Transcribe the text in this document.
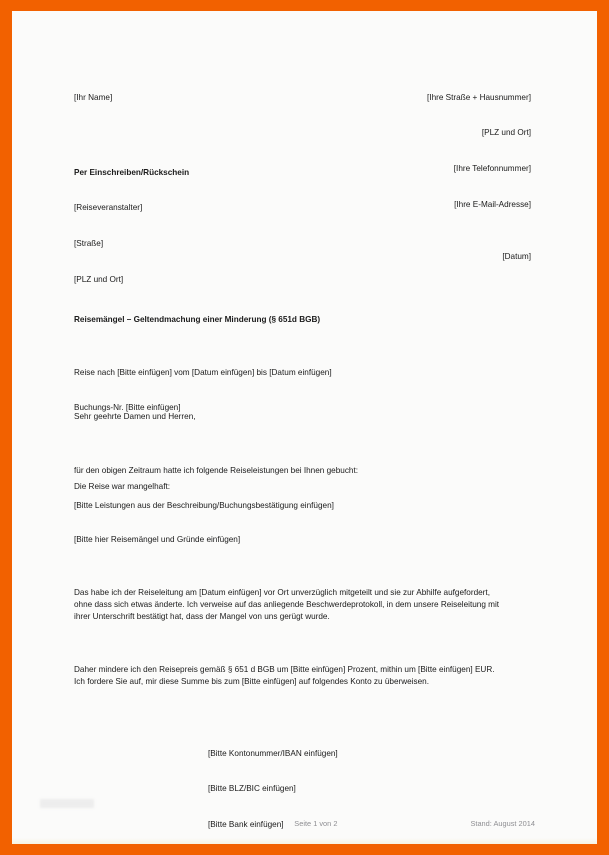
[Ihr Name]

	[Ihre Straße + Hausnummer]

[PLZ und Ort]

[Ihre Telefonnummer]

[Ihre E-Mail-Adresse]

Per Einschreiben/Rückschein

[Reiseveranstalter]

[Straße]

[PLZ und Ort]

[Datum]
Reisemängel – Geltendmachung einer Minderung (§ 651d BGB)

Reise nach [Bitte einfügen] vom [Datum einfügen] bis [Datum einfügen]

Buchungs-Nr. [Bitte einfügen]

Sehr geehrte Damen und Herren,

für den obigen Zeitraum hatte ich folgende Reiseleistungen bei Ihnen gebucht:

[Bitte Leistungen aus der Beschreibung/Buchungsbestätigung einfügen]

Die Reise war mangelhaft:
[Bitte hier Reisemängel und Gründe einfügen]
Das habe ich der Reiseleitung am [Datum einfügen] vor Ort unverzüglich mitgeteilt und sie zur Abhilfe aufgefordert, ohne dass sich etwas änderte. Ich verweise auf das anliegende Beschwerdeprotokoll, in dem unsere Reiseleitung mit ihrer Unterschrift bestätigt hat, dass der Mangel von uns gerügt wurde.
Daher mindere ich den Reisepreis gemäß § 651 d BGB um [Bitte einfügen] Prozent, mithin um [Bitte einfügen] EUR. Ich fordere Sie auf, mir diese Summe bis zum [Bitte einfügen] auf folgendes Konto zu überweisen.

[Bitte Kontonummer/IBAN einfügen]

[Bitte BLZ/BIC einfügen]

[Bitte Bank einfügen]

	Seite 1 von 2
	Stand: August 2014
